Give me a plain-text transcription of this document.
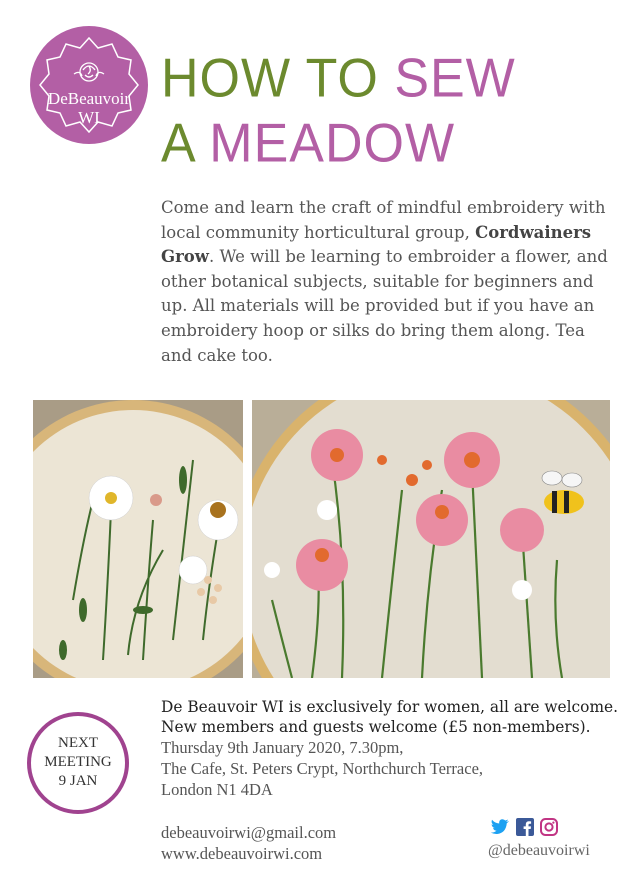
DeBeauvoir
WI
HOW TO SEW
A MEADOW

Come and learn the craft of mindful embroidery with local community horticultural group, Cordwainers Grow. We will be learning to embroider a flower, and other botanical subjects, suitable for beginners and up. All materials will be provided but if you have an embroidery hoop or silks do bring them along. Tea and cake too.

NEXT
MEETING
9 JAN
De Beauvoir WI is exclusively for women, all are welcome.
New members and guests welcome (£5 non-members).
Thursday 9th January 2020, 7.30pm,
The Cafe, St. Peters Crypt, Northchurch Terrace,
London N1 4DA
debeauvoirwi@gmail.com
www.debeauvoirwi.com	@debeauvoirwi
